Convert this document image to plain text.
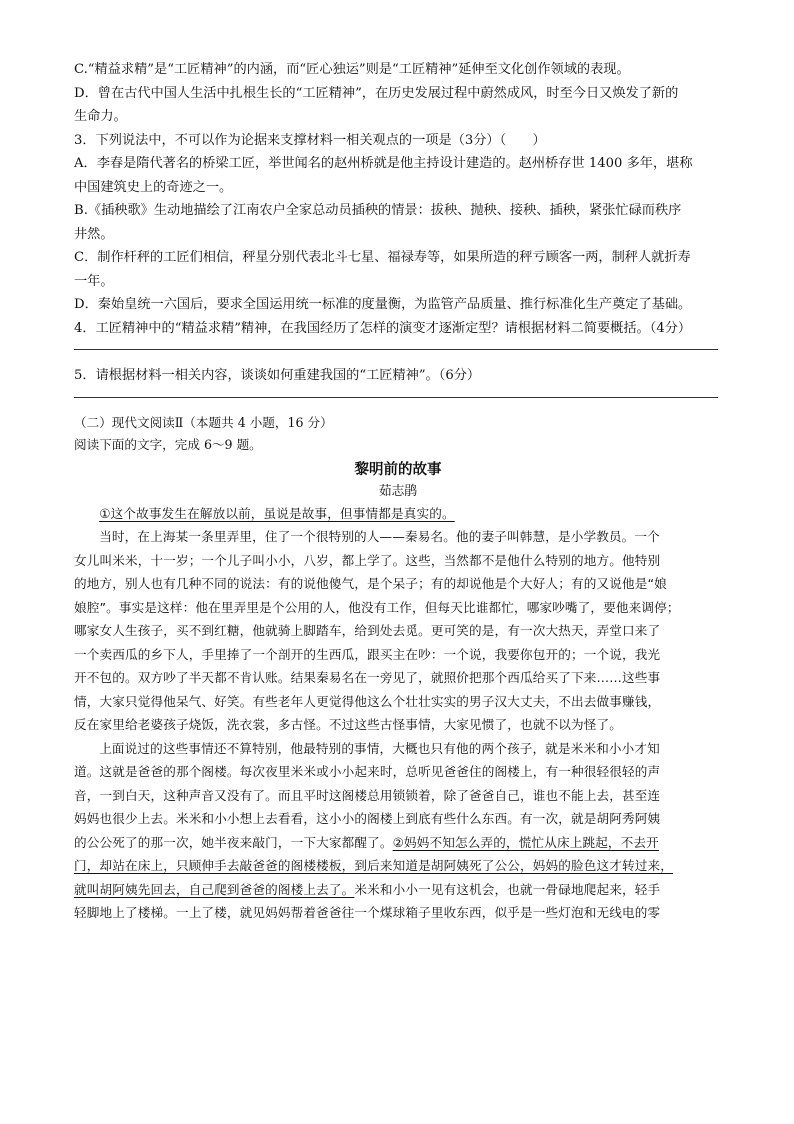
C.“精益求精”是“工匠精神”的内涵，而“匠心独运”则是“工匠精神”延伸至文化创作领域的表现。
D．曾在古代中国人生活中扎根生长的“工匠精神”，在历史发展过程中蔚然成风，时至今日又焕发了新的
生命力。
3．下列说法中，不可以作为论据来支撑材料一相关观点的一项是（3分）（　　）
A．李春是隋代著名的桥梁工匠，举世闻名的赵州桥就是他主持设计建造的。赵州桥存世 1400 多年，堪称
中国建筑史上的奇迹之一。
B.《插秧歌》生动地描绘了江南农户全家总动员插秧的情景：拔秧、抛秧、接秧、插秧，紧张忙碌而秩序
井然。
C．制作杆秤的工匠们相信，秤星分别代表北斗七星、福禄寿等，如果所造的秤亏顾客一两，制秤人就折寿
一年。
D．秦始皇统一六国后，要求全国运用统一标准的度量衡，为监管产品质量、推行标准化生产奠定了基础。
4．工匠精神中的“精益求精”精神，在我国经历了怎样的演变才逐渐定型？请根据材料二简要概括。（4分）
5．请根据材料一相关内容，谈谈如何重建我国的“工匠精神”。（6分）
（二）现代文阅读Ⅱ（本题共 4 小题，16 分）
阅读下面的文字，完成 6～9 题。
黎明前的故事
茹志鹃
①这个故事发生在解放以前，虽说是故事，但事情都是真实的。
当时，在上海某一条里弄里，住了一个很特别的人——秦易名。他的妻子叫韩慧，是小学教员。一个
女儿叫米米，十一岁；一个儿子叫小小，八岁，都上学了。这些，当然都不是他什么特别的地方。他特别
的地方，别人也有几种不同的说法：有的说他傻气，是个呆子；有的却说他是个大好人；有的又说他是“娘
娘腔”。事实是这样：他在里弄里是个公用的人，他没有工作，但每天比谁都忙，哪家吵嘴了，要他来调停；
哪家女人生孩子，买不到红糖，他就骑上脚踏车，给到处去觅。更可笑的是，有一次大热天，弄堂口来了
一个卖西瓜的乡下人，手里捧了一个剖开的生西瓜，跟买主在吵：一个说，我要你包开的；一个说，我光
开不包的。双方吵了半天都不肯认账。结果秦易名在一旁见了，就照价把那个西瓜给买了下来……这些事
情，大家只觉得他呆气、好笑。有些老年人更觉得他这么个壮壮实实的男子汉大丈夫，不出去做事赚钱，
反在家里给老婆孩子烧饭，洗衣裳，多古怪。不过这些古怪事情，大家见惯了，也就不以为怪了。
上面说过的这些事情还不算特别，他最特别的事情，大概也只有他的两个孩子，就是米米和小小才知
道。这就是爸爸的那个阁楼。每次夜里米米或小小起来时，总听见爸爸住的阁楼上，有一种很轻很轻的声
音，一到白天，这种声音又没有了。而且平时这阁楼总用锁锁着，除了爸爸自己，谁也不能上去，甚至连
妈妈也很少上去。米米和小小想上去看看，这小小的阁楼上到底有些什么东西。有一次，就是胡阿秀阿姨
的公公死了的那一次，她半夜来敲门，一下大家都醒了。②妈妈不知怎么弄的，慌忙从床上跳起，不去开
门，却站在床上，只顾伸手去敲爸爸的阁楼楼板，到后来知道是胡阿姨死了公公，妈妈的脸色这才转过来，
就叫胡阿姨先回去，自己爬到爸爸的阁楼上去了。米米和小小一见有这机会，也就一骨碌地爬起来，轻手
轻脚地上了楼梯。一上了楼，就见妈妈帮着爸爸往一个煤球箱子里收东西，似乎是一些灯泡和无线电的零
